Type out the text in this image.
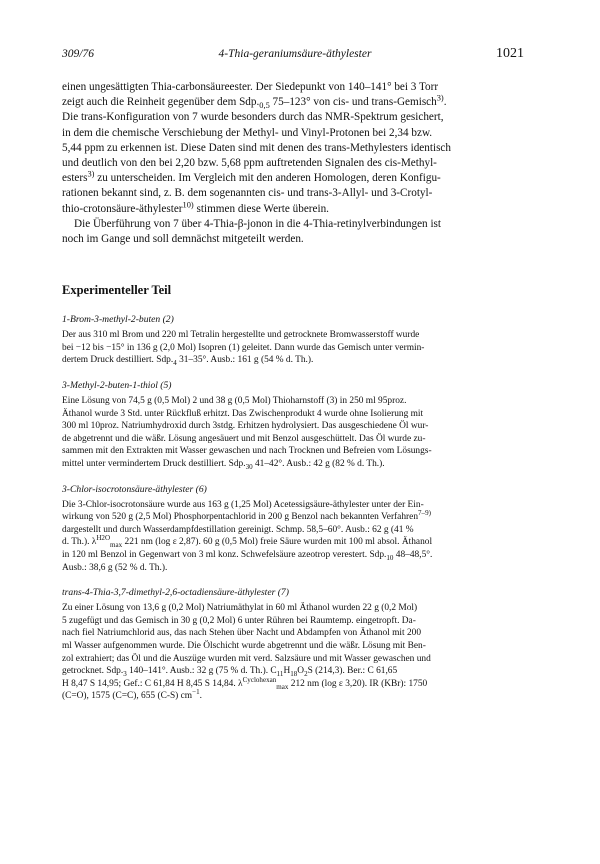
309/76	4-Thia-geraniumsäure-äthylester	1021

einen ungesättigten Thia-carbonsäureester. Der Siedepunkt von 140–141° bei 3 Torr
zeigt auch die Reinheit gegenüber dem $Sdp._{0,5}$ 75–123° von cis- und trans-Gemisch$^{3)}$.
Die trans-Konfiguration von 7 wurde besonders durch das NMR-Spektrum gesichert,
in dem die chemische Verschiebung der Methyl- und Vinyl-Protonen bei 2,34 bzw.
5,44 ppm zu erkennen ist. Diese Daten sind mit denen des trans-Methylesters identisch
und deutlich von den bei 2,20 bzw. 5,68 ppm auftretenden Signalen des cis-Methyl-
esters$^{3)}$ zu unterscheiden. Im Vergleich mit den anderen Homologen, deren Konfigu-
rationen bekannt sind, z. B. dem sogenannten cis- und trans-3-Allyl- und 3-Crotyl-
thio-crotonsäure-äthylester$^{10)}$ stimmen diese Werte überein.

Die Überführung von 7 über 4-Thia-β-jonon in die 4-Thia-retinylverbindungen ist
noch im Gange und soll demnächst mitgeteilt werden.

Experimenteller Teil
1-Brom-3-methyl-2-buten (2)

Der aus 310 ml Brom und 220 ml Tetralin hergestellte und getrocknete Bromwasserstoff wurde
bei −12 bis −15° in 136 g (2,0 Mol) Isopren (1) geleitet. Dann wurde das Gemisch unter vermin-
dertem Druck destilliert. $Sdp._4$ 31–35°. Ausb.: 161 g (54 % d. Th.).

3-Methyl-2-buten-1-thiol (5)

Eine Lösung von 74,5 g (0,5 Mol) 2 und 38 g (0,5 Mol) Thioharnstoff (3) in 250 ml 95proz.
Äthanol wurde 3 Std. unter Rückfluß erhitzt. Das Zwischenprodukt 4 wurde ohne Isolierung mit
300 ml 10proz. Natriumhydroxid durch 3stdg. Erhitzen hydrolysiert. Das ausgeschiedene Öl wur-
de abgetrennt und die wäßr. Lösung angesäuert und mit Benzol ausgeschüttelt. Das Öl wurde zu-
sammen mit den Extrakten mit Wasser gewaschen und nach Trocknen und Befreien vom Lösungs-
mittel unter vermindertem Druck destilliert. $Sdp._{30}$ 41–42°. Ausb.: 42 g (82 % d. Th.).

3-Chlor-isocrotonsäure-äthylester (6)

Die 3-Chlor-isocrotonsäure wurde aus 163 g (1,25 Mol) Acetessigsäure-äthylester unter der Ein-
wirkung von 520 g (2,5 Mol) Phosphorpentachlorid in 200 g Benzol nach bekannten Verfahren$^{7-9)}$
dargestellt und durch Wasserdampfdestillation gereinigt. Schmp. 58,5–60°. Ausb.: 62 g (41 %
d. Th.). $\lambda^{H2O}_{max}$ 221 nm (log ε 2,87). 60 g (0,5 Mol) freie Säure wurden mit 100 ml absol. Äthanol
in 120 ml Benzol in Gegenwart von 3 ml konz. Schwefelsäure azeotrop verestert. $Sdp._{10}$ 48–48,5°.
Ausb.: 38,6 g (52 % d. Th.).

trans-4-Thia-3,7-dimethyl-2,6-octadiensäure-äthylester (7)

Zu einer Lösung von 13,6 g (0,2 Mol) Natriumäthylat in 60 ml Äthanol wurden 22 g (0,2 Mol)
5 zugefügt und das Gemisch in 30 g (0,2 Mol) 6 unter Rühren bei Raumtemp. eingetropft. Da-
nach fiel Natriumchlorid aus, das nach Stehen über Nacht und Abdampfen von Äthanol mit 200
ml Wasser aufgenommen wurde. Die Ölschicht wurde abgetrennt und die wäßr. Lösung mit Ben-
zol extrahiert; das Öl und die Auszüge wurden mit verd. Salzsäure und mit Wasser gewaschen und
getrocknet. $Sdp._3$ 140–141°. Ausb.: 32 g (75 % d. Th.). $C_{11}H_{18}O_2S$ (214,3). Ber.: C 61,65
H 8,47 S 14,95; Gef.: C 61,84 H 8,45 S 14,84. $\lambda^{Cyclohexan}_{max}$ 212 nm (log ε 3,20). IR (KBr): 1750
(C=O), 1575 (C=C), 655 (C-S) $cm^{-1}$.
